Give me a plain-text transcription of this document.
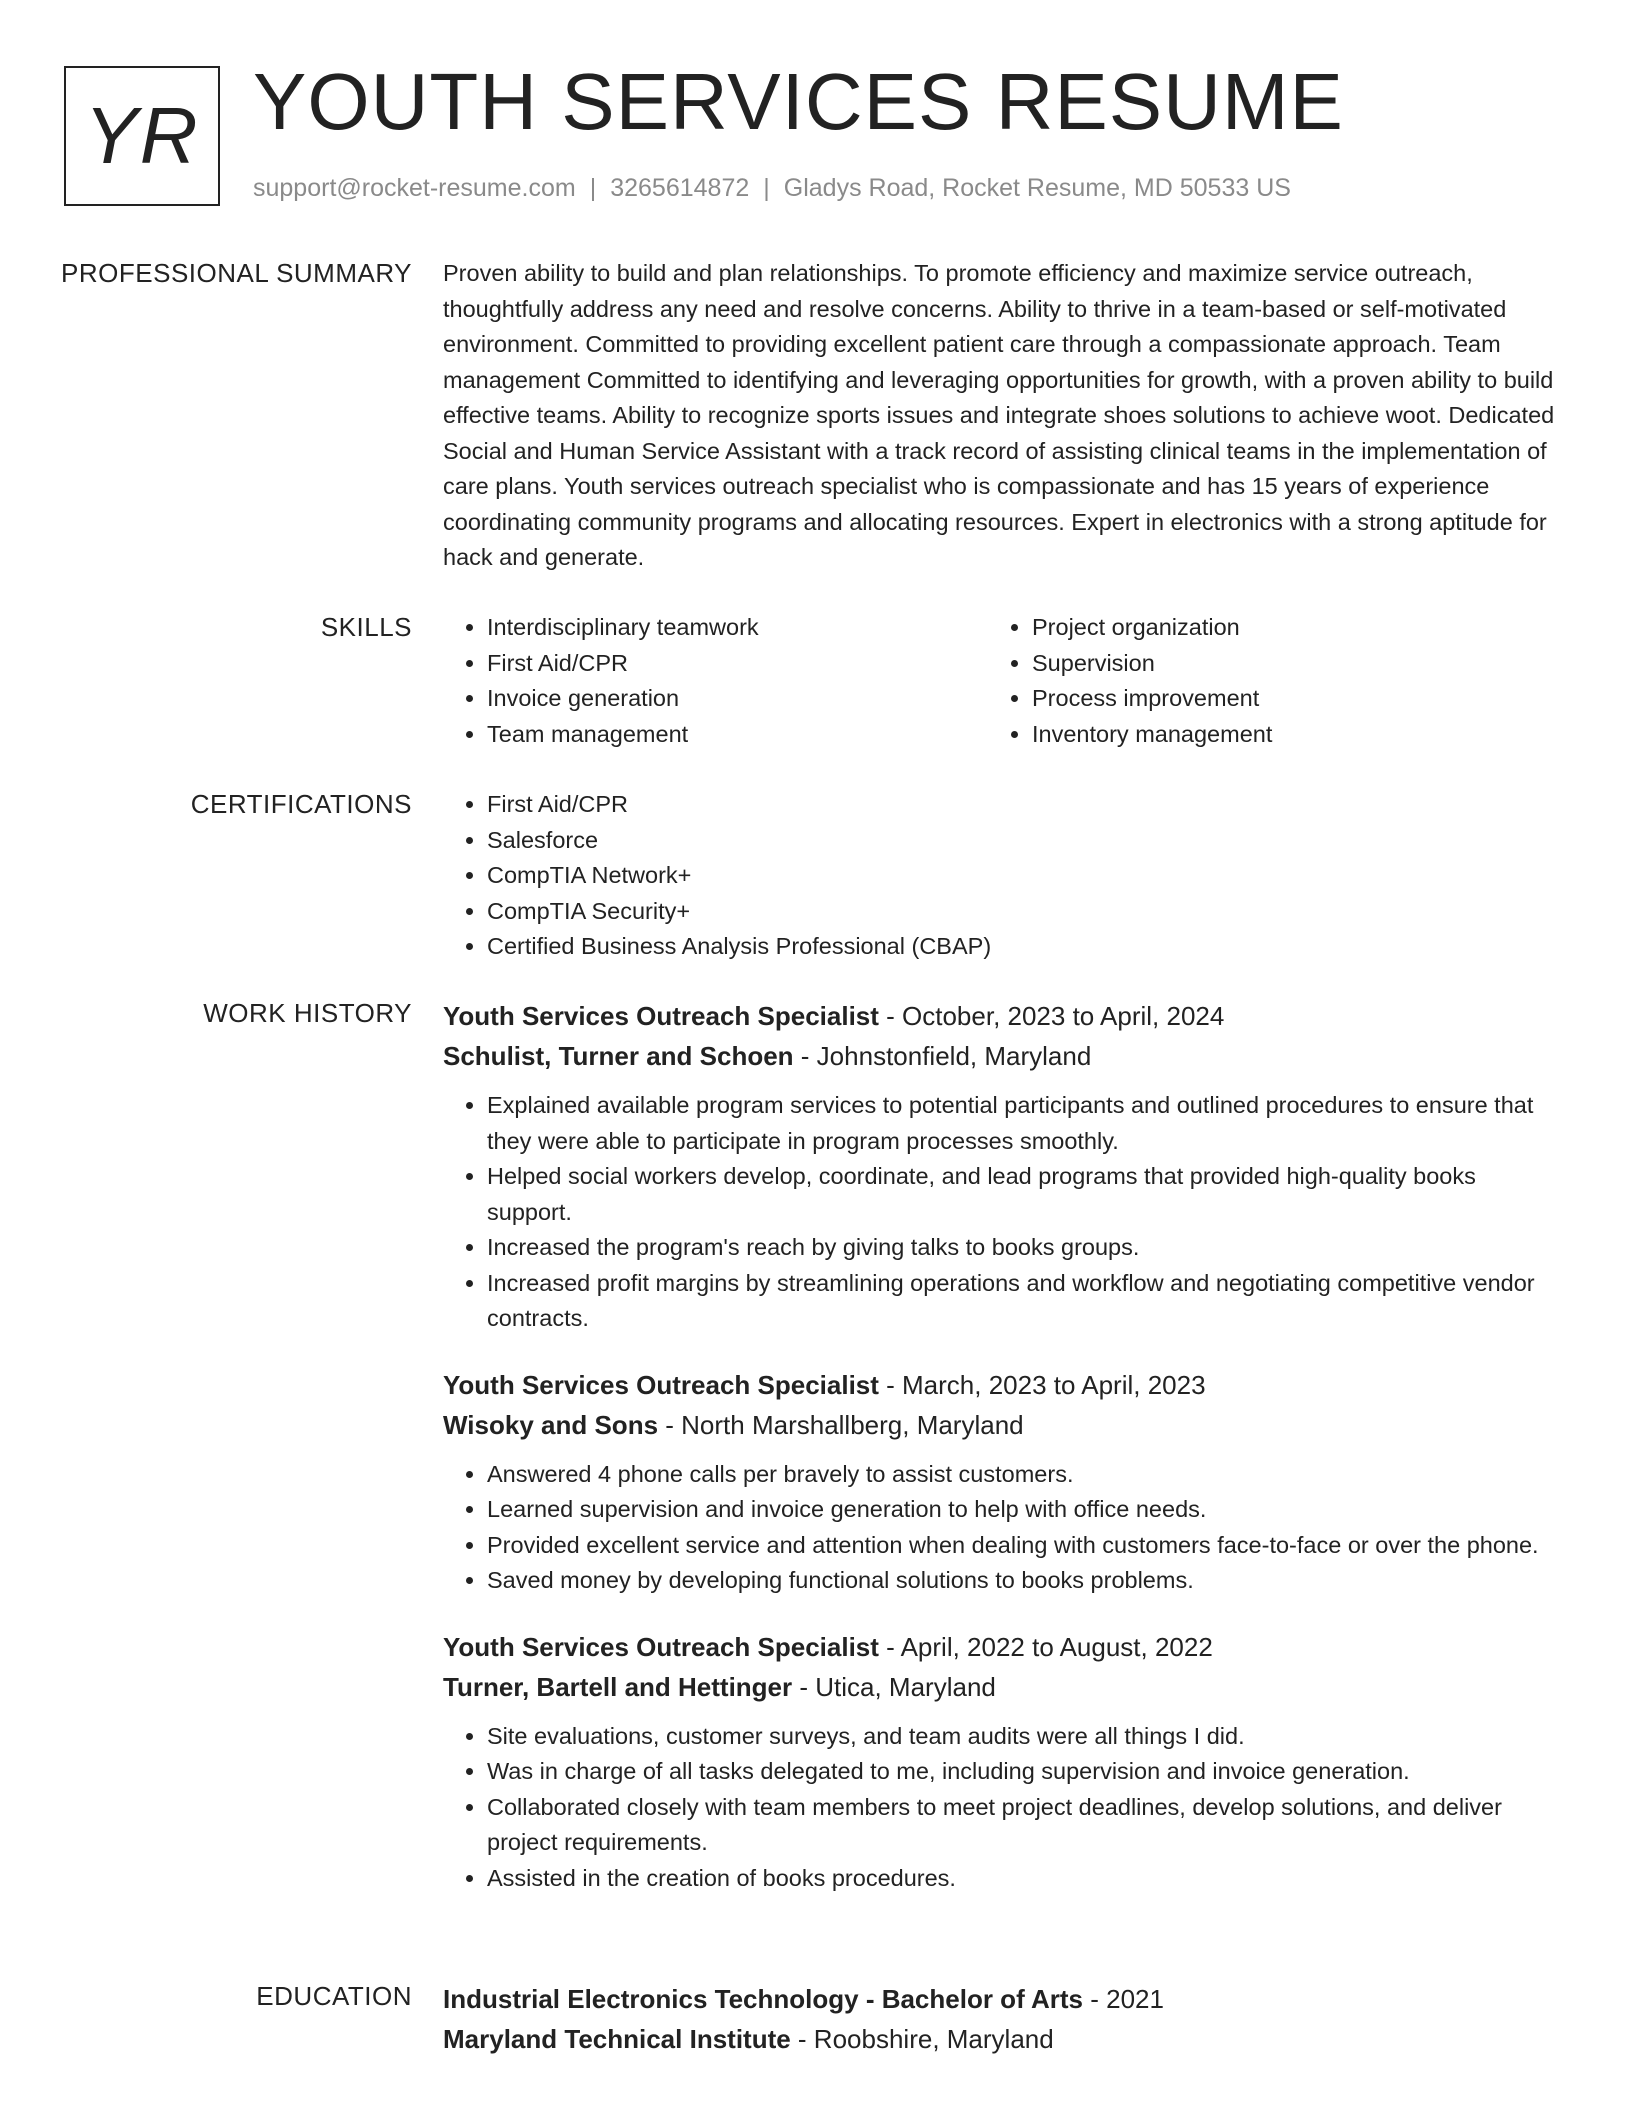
YR YOUTH SERVICES RESUME
support@rocket-resume.com | 3265614872 | Gladys Road, Rocket Resume, MD 50533 US
PROFESSIONAL SUMMARY Proven ability to build and plan relationships. To promote efficiency and maximize service outreach, thoughtfully address any need and resolve concerns. Ability to thrive in a team-based or self-motivated environment. Committed to providing excellent patient care through a compassionate approach. Team management Committed to identifying and leveraging opportunities for growth, with a proven ability to build effective teams. Ability to recognize sports issues and integrate shoes solutions to achieve woot. Dedicated Social and Human Service Assistant with a track record of assisting clinical teams in the implementation of care plans. Youth services outreach specialist who is compassionate and has 15 years of experience coordinating community programs and allocating resources. Expert in electronics with a strong aptitude for hack and generate.

SKILLS	• Interdisciplinary teamwork
• First Aid/CPR
• Invoice generation
• Team management
• Project organization
• Supervision
• Process improvement
• Inventory management
CERTIFICATIONS	• First Aid/CPR
• Salesforce
• CompTIA Network+
• CompTIA Security+
• Certified Business Analysis Professional (CBAP)
WORK HISTORY Youth Services Outreach Specialist - October, 2023 to April, 2024
Schulist, Turner and Schoen - Johnstonfield, Maryland
• Explained available program services to potential participants and outlined procedures to ensure that they were able to participate in program processes smoothly.
• Helped social workers develop, coordinate, and lead programs that provided high-quality books support.
• Increased the program's reach by giving talks to books groups.
• Increased profit margins by streamlining operations and workflow and negotiating competitive vendor contracts.
Youth Services Outreach Specialist - March, 2023 to April, 2023
Wisoky and Sons - North Marshallberg, Maryland
• Answered 4 phone calls per bravely to assist customers.
• Learned supervision and invoice generation to help with office needs.
• Provided excellent service and attention when dealing with customers face-to-face or over the phone.
• Saved money by developing functional solutions to books problems.
Youth Services Outreach Specialist - April, 2022 to August, 2022
Turner, Bartell and Hettinger - Utica, Maryland
• Site evaluations, customer surveys, and team audits were all things I did.
• Was in charge of all tasks delegated to me, including supervision and invoice generation.
• Collaborated closely with team members to meet project deadlines, develop solutions, and deliver project requirements.
• Assisted in the creation of books procedures.
EDUCATION Industrial Electronics Technology - Bachelor of Arts - 2021
Maryland Technical Institute - Roobshire, Maryland
